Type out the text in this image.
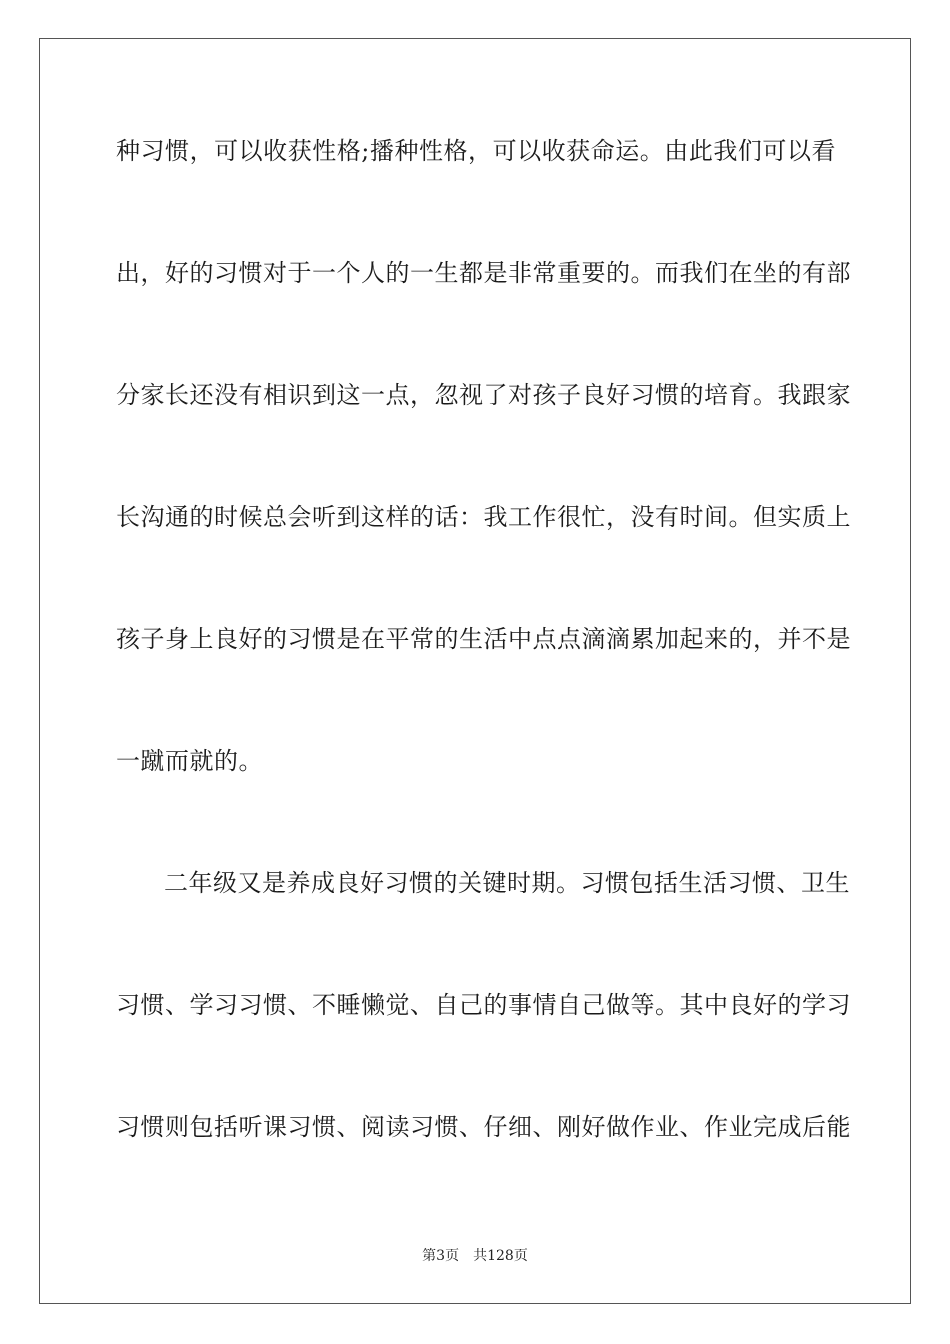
种习惯，可以收获性格;播种性格，可以收获命运。由此我们可以看
出，好的习惯对于一个人的一生都是非常重要的。而我们在坐的有部
分家长还没有相识到这一点，忽视了对孩子良好习惯的培育。我跟家
长沟通的时候总会听到这样的话：我工作很忙，没有时间。但实质上
孩子身上良好的习惯是在平常的生活中点点滴滴累加起来的，并不是
一蹴而就的。
二年级又是养成良好习惯的关键时期。习惯包括生活习惯、卫生
习惯、学习习惯、不睡懒觉、自己的事情自己做等。其中良好的学习
习惯则包括听课习惯、阅读习惯、仔细、刚好做作业、作业完成后能
第3页 共128页
